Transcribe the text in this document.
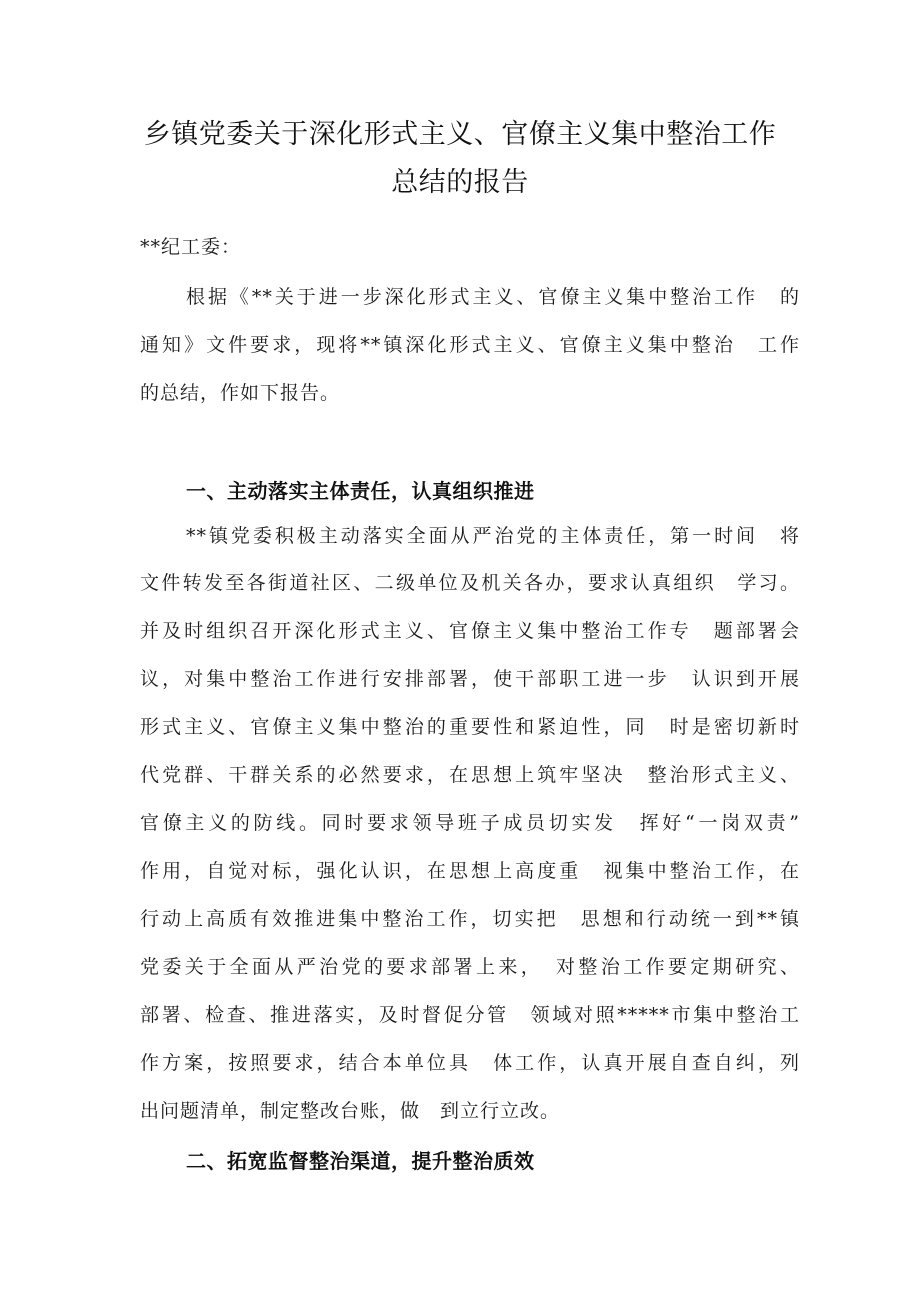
乡镇党委关于深化形式主义、官僚主义集中整治工作
总结的报告
**纪工委：
根据《**关于进一步深化形式主义、官僚主义集中整治工作　的
通知》文件要求，现将**镇深化形式主义、官僚主义集中整治　工作
的总结，作如下报告。
一、主动落实主体责任，认真组织推进
**镇党委积极主动落实全面从严治党的主体责任，第一时间　将
文件转发至各街道社区、二级单位及机关各办，要求认真组织　学习。
并及时组织召开深化形式主义、官僚主义集中整治工作专　题部署会
议，对集中整治工作进行安排部署，使干部职工进一步　认识到开展
形式主义、官僚主义集中整治的重要性和紧迫性，同　时是密切新时
代党群、干群关系的必然要求，在思想上筑牢坚决　整治形式主义、
官僚主义的防线。同时要求领导班子成员切实发　挥好“一岗双责”
作用，自觉对标，强化认识，在思想上高度重　视集中整治工作，在
行动上高质有效推进集中整治工作，切实把　思想和行动统一到**镇
党委关于全面从严治党的要求部署上来，　对整治工作要定期研究、
部署、检查、推进落实，及时督促分管　领域对照*****市集中整治工
作方案，按照要求，结合本单位具　体工作，认真开展自查自纠，列
出问题清单，制定整改台账，做　到立行立改。
二、拓宽监督整治渠道，提升整治质效
